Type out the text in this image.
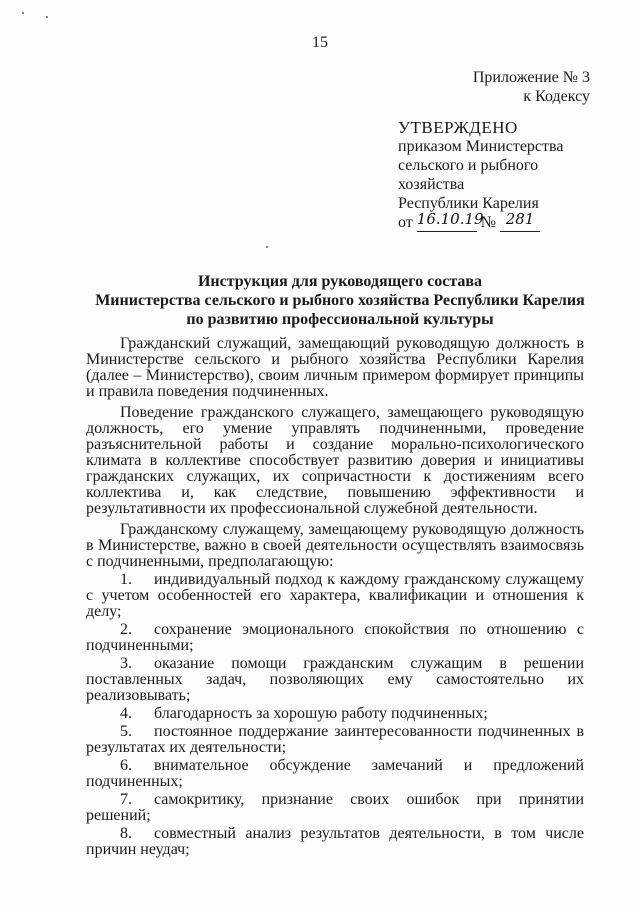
15
Приложение № 3
к Кодексу
УТВЕРЖДЕНО
приказом Министерства
сельского и рыбного
хозяйства
Республики Карелия
от 16.10.19 № 281
Инструкция для руководящего состава
Министерства сельского и рыбного хозяйства Республики Карелия
по развитию профессиональной культуры

Гражданский служащий, замещающий руководящую должность в Министерстве сельского и рыбного хозяйства Республики Карелия (далее – Министерство), своим личным примером формирует принципы и правила поведения подчиненных.

Поведение гражданского служащего, замещающего руководящую должность, его умение управлять подчиненными, проведение разъяснительной работы и создание морально-психологического климата в коллективе способствует развитию доверия и инициативы гражданских служащих, их сопричастности к достижениям всего коллектива и, как следствие, повышению эффективности и результативности их профессиональной служебной деятельности.

Гражданскому служащему, замещающему руководящую должность в Министерстве, важно в своей деятельности осуществлять взаимосвязь с подчиненными, предполагающую:

1. индивидуальный подход к каждому гражданскому служащему с учетом особенностей его характера, квалификации и отношения к делу;

2. сохранение эмоционального спокойствия по отношению с подчиненными;

3. оказание помощи гражданским служащим в решении поставленных задач, позволяющих ему самостоятельно их реализовывать;

4. благодарность за хорошую работу подчиненных;

5. постоянное поддержание заинтересованности подчиненных в результатах их деятельности;

6. внимательное обсуждение замечаний и предложений подчиненных;

7. самокритику, признание своих ошибок при принятии решений;

8. совместный анализ результатов деятельности, в том числе причин неудач;
